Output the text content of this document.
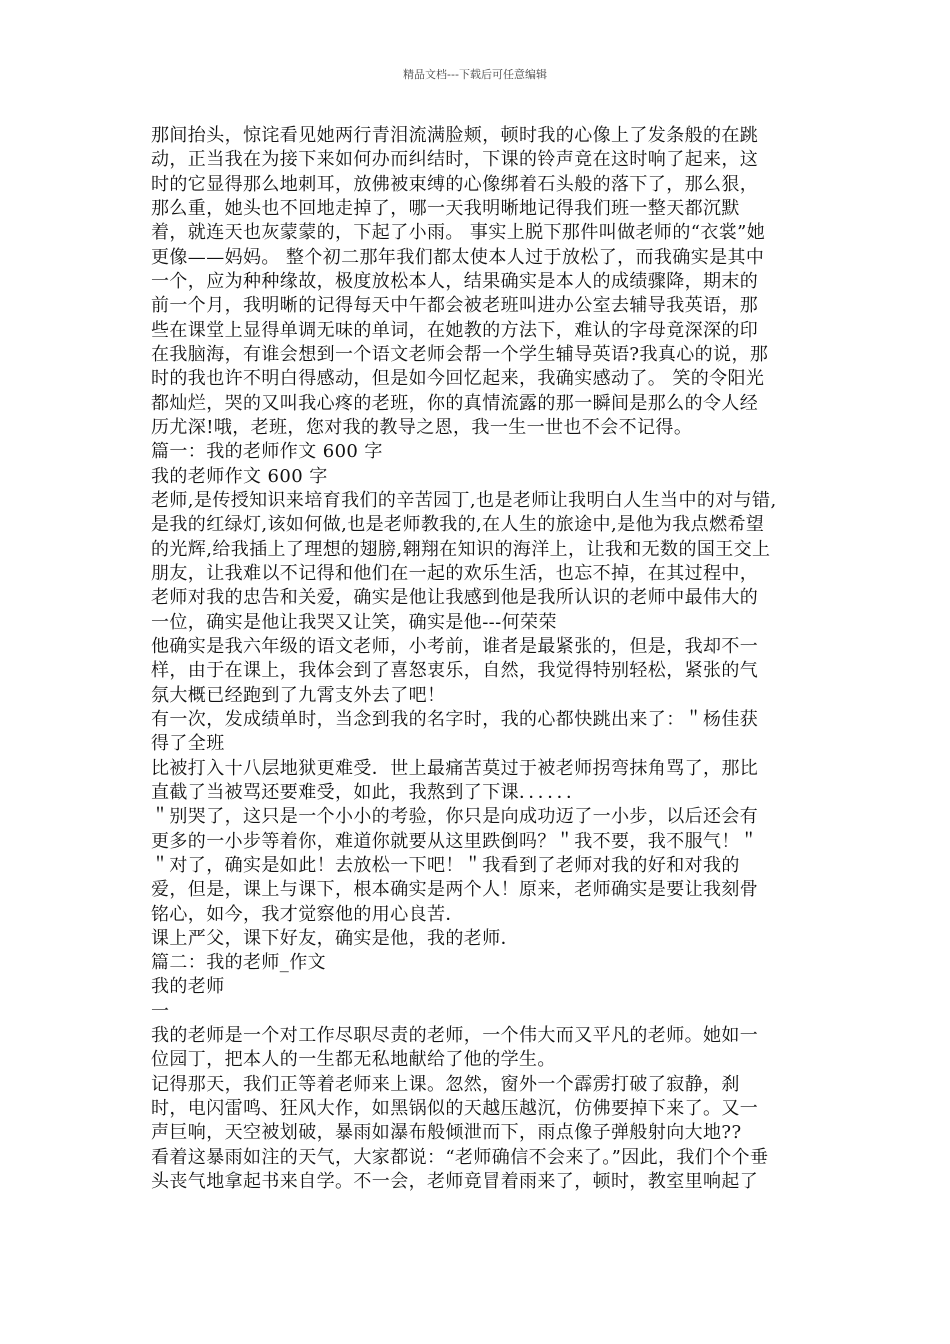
精品文档---下载后可任意编辑
那间抬头，惊诧看见她两行青泪流满脸颊，顿时我的心像上了发条般的在跳
动，正当我在为接下来如何办而纠结时，下课的铃声竟在这时响了起来，这
时的它显得那么地刺耳，放佛被束缚的心像绑着石头般的落下了，那么狠，
那么重，她头也不回地走掉了，哪一天我明晰地记得我们班一整天都沉默
着，就连天也灰蒙蒙的，下起了小雨。 事实上脱下那件叫做老师的“衣裳”她
更像——妈妈。 整个初二那年我们都太使本人过于放松了，而我确实是其中
一个，应为种种缘故，极度放松本人，结果确实是本人的成绩骤降，期末的
前一个月，我明晰的记得每天中午都会被老班叫进办公室去辅导我英语，那
些在课堂上显得单调无味的单词，在她教的方法下，难认的字母竟深深的印
在我脑海，有谁会想到一个语文老师会帮一个学生辅导英语?我真心的说，那
时的我也许不明白得感动，但是如今回忆起来，我确实感动了。 笑的令阳光
都灿烂，哭的又叫我心疼的老班，你的真情流露的那一瞬间是那么的令人经
历尤深!哦，老班，您对我的教导之恩，我一生一世也不会不记得。
篇一：我的老师作文 600 字
我的老师作文 600 字
老师,是传授知识来培育我们的辛苦园丁,也是老师让我明白人生当中的对与错,
是我的红绿灯,该如何做,也是老师教我的,在人生的旅途中,是他为我点燃希望
的光辉,给我插上了理想的翅膀,翱翔在知识的海洋上，让我和无数的国王交上
朋友，让我难以不记得和他们在一起的欢乐生活，也忘不掉，在其过程中，
老师对我的忠告和关爱，确实是他让我感到他是我所认识的老师中最伟大的
一位，确实是他让我哭又让笑，确实是他---何荣荣
他确实是我六年级的语文老师，小考前，谁者是最紧张的，但是，我却不一
样，由于在课上，我体会到了喜怒衷乐，自然，我觉得特别轻松，紧张的气
氛大概已经跑到了九霄支外去了吧！
有一次，发成绩单时，当念到我的名字时，我的心都快跳出来了：＂杨佳获
得了全班
比被打入十八层地狱更难受．世上最痛苦莫过于被老师拐弯抹角骂了，那比
直截了当被骂还要难受，如此，我熬到了下课．．．．．．
＂别哭了，这只是一个小小的考验，你只是向成功迈了一小步，以后还会有
更多的一小步等着你，难道你就要从这里跌倒吗？＂我不要，我不服气！＂
＂对了，确实是如此！去放松一下吧！＂我看到了老师对我的好和对我的
爱，但是，课上与课下，根本确实是两个人！原来，老师确实是要让我刻骨
铭心，如今，我才觉察他的用心良苦．
课上严父，课下好友，确实是他，我的老师．
篇二：我的老师_作文
我的老师
一
我的老师是一个对工作尽职尽责的老师，一个伟大而又平凡的老师。她如一
位园丁，把本人的一生都无私地献给了他的学生。
记得那天，我们正等着老师来上课。忽然，窗外一个霹雳打破了寂静，刹
时，电闪雷鸣、狂风大作，如黑锅似的天越压越沉，仿佛要掉下来了。又一
声巨响，天空被划破，暴雨如瀑布般倾泄而下，雨点像子弹般射向大地??
看着这暴雨如注的天气，大家都说：“老师确信不会来了。”因此，我们个个垂
头丧气地拿起书来自学。不一会，老师竟冒着雨来了，顿时，教室里响起了
